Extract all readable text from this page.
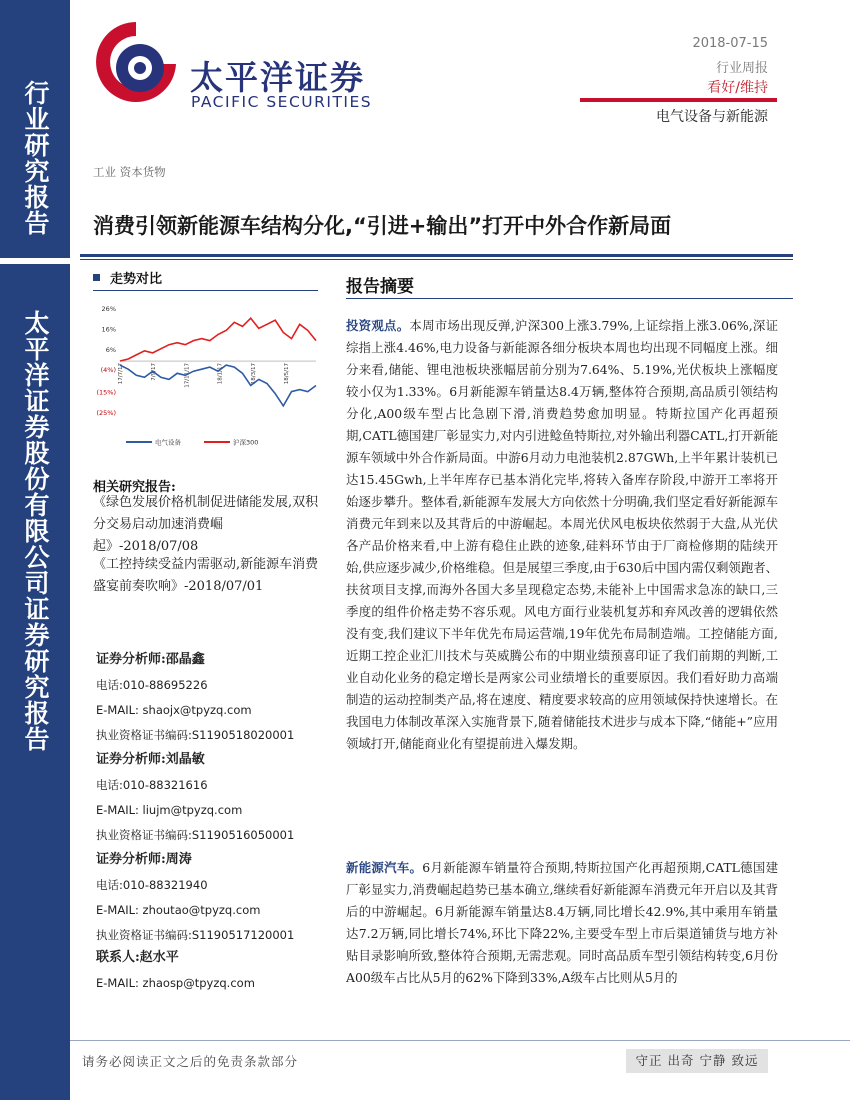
行业研究报告
太平洋证券股份有限公司证券研究报告
太平洋证券
PACIFIC SECURITIES
2018-07-15
行业周报
看好/维持
电气设备与新能源
工业 资本货物
消费引领新能源车结构分化,“引进+输出”打开中外合作新局面
走势对比
26%
16%
6%
(4%)
(15%)
(25%)
17/7/17	7/9/17	17/11/17	18/1/17	18/3/17	18/5/17
电气设备	沪深300
相关研究报告:
《绿色发展价格机制促进储能发展,双积分交易启动加速消费崛起》-2018/07/08
《工控持续受益内需驱动,新能源车消费盛宴前奏吹响》-2018/07/01
证券分析师:邵晶鑫
电话:010-88695226
E-MAIL: shaojx@tpyzq.com
执业资格证书编码:S1190518020001
证券分析师:刘晶敏
电话:010-88321616
E-MAIL: liujm@tpyzq.com
执业资格证书编码:S1190516050001
证券分析师:周涛
电话:010-88321940
E-MAIL: zhoutao@tpyzq.com
执业资格证书编码:S1190517120001
联系人:赵水平
E-MAIL: zhaosp@tpyzq.com
报告摘要
投资观点。本周市场出现反弹,沪深300上涨3.79%,上证综指上涨3.06%,深证综指上涨4.46%,电力设备与新能源各细分板块本周也均出现不同幅度上涨。细分来看,储能、锂电池板块涨幅居前分别为7.64%、5.19%,光伏板块上涨幅度较小仅为1.33%。6月新能源车销量达8.4万辆,整体符合预期,高品质引领结构分化,A00级车型占比急剧下滑,消费趋势愈加明显。特斯拉国产化再超预期,CATL德国建厂彰显实力,对内引进鲶鱼特斯拉,对外输出利器CATL,打开新能源车领域中外合作新局面。中游6月动力电池装机2.87GWh,上半年累计装机已达15.45Gwh,上半年库存已基本消化完毕,将转入备库存阶段,中游开工率将开始逐步攀升。整体看,新能源车发展大方向依然十分明确,我们坚定看好新能源车消费元年到来以及其背后的中游崛起。本周光伏风电板块依然弱于大盘,从光伏各产品价格来看,中上游有稳住止跌的迹象,硅料环节由于厂商检修期的陆续开始,供应逐步减少,价格维稳。但是展望三季度,由于630后中国内需仅剩领跑者、扶贫项目支撑,而海外各国大多呈现稳定态势,未能补上中国需求急冻的缺口,三季度的组件价格走势不容乐观。风电方面行业装机复苏和弃风改善的逻辑依然没有变,我们建议下半年优先布局运营端,19年优先布局制造端。工控储能方面,近期工控企业汇川技术与英威腾公布的中期业绩预喜印证了我们前期的判断,工业自动化业务的稳定增长是两家公司业绩增长的重要原因。我们看好助力高端制造的运动控制类产品,将在速度、精度要求较高的应用领域保持快速增长。在我国电力体制改革深入实施背景下,随着储能技术进步与成本下降,“储能+”应用领域打开,储能商业化有望提前进入爆发期。
新能源汽车。6月新能源车销量符合预期,特斯拉国产化再超预期,CATL德国建厂彰显实力,消费崛起趋势已基本确立,继续看好新能源车消费元年开启以及其背后的中游崛起。6月新能源车销量达8.4万辆,同比增长42.9%,其中乘用车销量达7.2万辆,同比增长74%,环比下降22%,主要受车型上市后渠道铺货与地方补贴目录影响所致,整体符合预期,无需悲观。同时高品质车型引领结构转变,6月份A00级车占比从5月的62%下降到33%,A级车占比则从5月的
请务必阅读正文之后的免责条款部分	守正 出奇 宁静 致远
